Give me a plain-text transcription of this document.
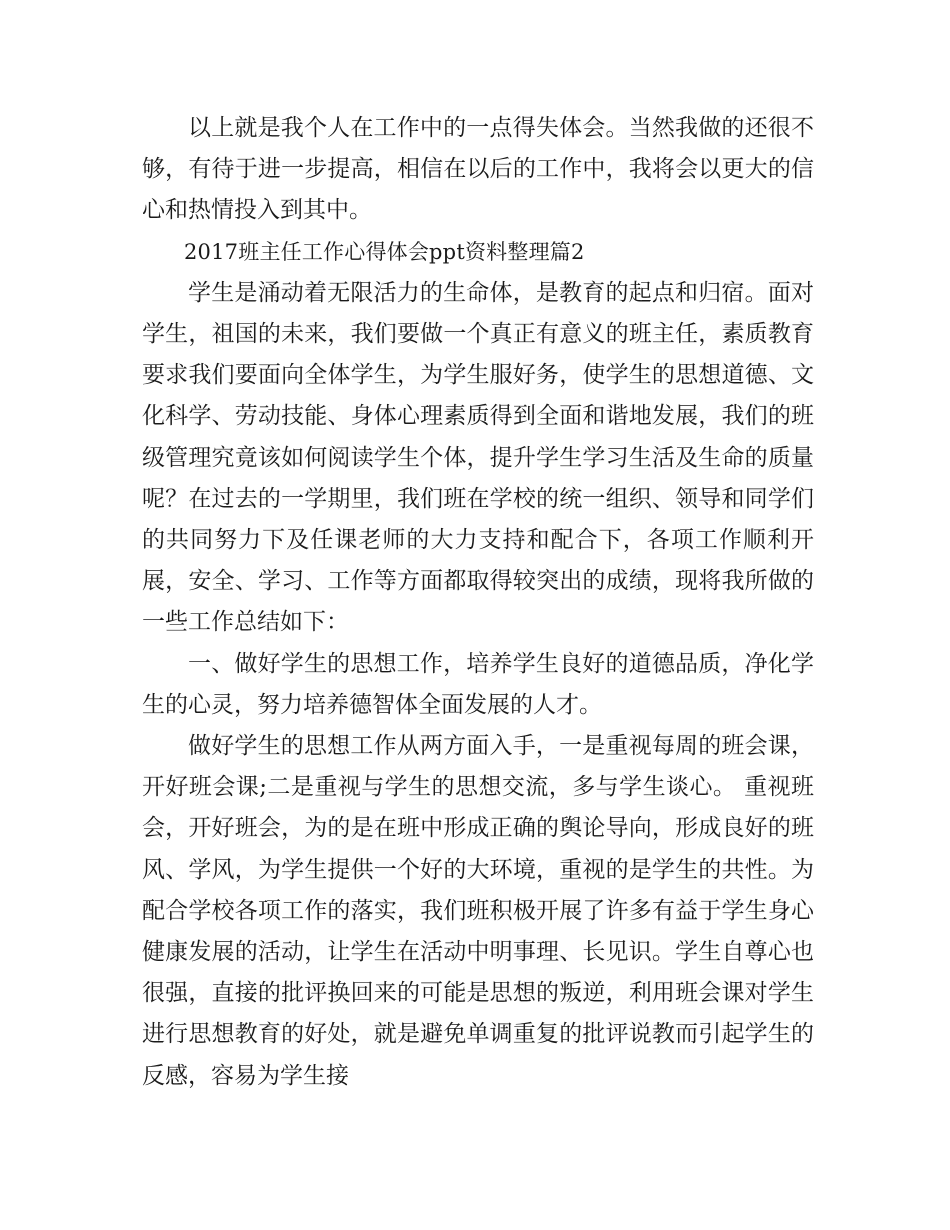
以上就是我个人在工作中的一点得失体会。当然我做的还很不够，有待于进一步提高，相信在以后的工作中，我将会以更大的信心和热情投入到其中。

2017班主任工作心得体会ppt资料整理篇2

学生是涌动着无限活力的生命体，是教育的起点和归宿。面对学生，祖国的未来，我们要做一个真正有意义的班主任，素质教育要求我们要面向全体学生，为学生服好务，使学生的思想道德、文化科学、劳动技能、身体心理素质得到全面和谐地发展，我们的班级管理究竟该如何阅读学生个体，提升学生学习生活及生命的质量呢？在过去的一学期里，我们班在学校的统一组织、领导和同学们的共同努力下及任课老师的大力支持和配合下，各项工作顺利开展，安全、学习、工作等方面都取得较突出的成绩，现将我所做的一些工作总结如下：

一、做好学生的思想工作，培养学生良好的道德品质，净化学生的心灵，努力培养德智体全面发展的人才。

做好学生的思想工作从两方面入手，一是重视每周的班会课，开好班会课;二是重视与学生的思想交流，多与学生谈心。 重视班会，开好班会，为的是在班中形成正确的舆论导向，形成良好的班风、学风，为学生提供一个好的大环境，重视的是学生的共性。为配合学校各项工作的落实，我们班积极开展了许多有益于学生身心健康发展的活动，让学生在活动中明事理、长见识。学生自尊心也很强，直接的批评换回来的可能是思想的叛逆，利用班会课对学生进行思想教育的好处，就是避免单调重复的批评说教而引起学生的反感，容易为学生接
